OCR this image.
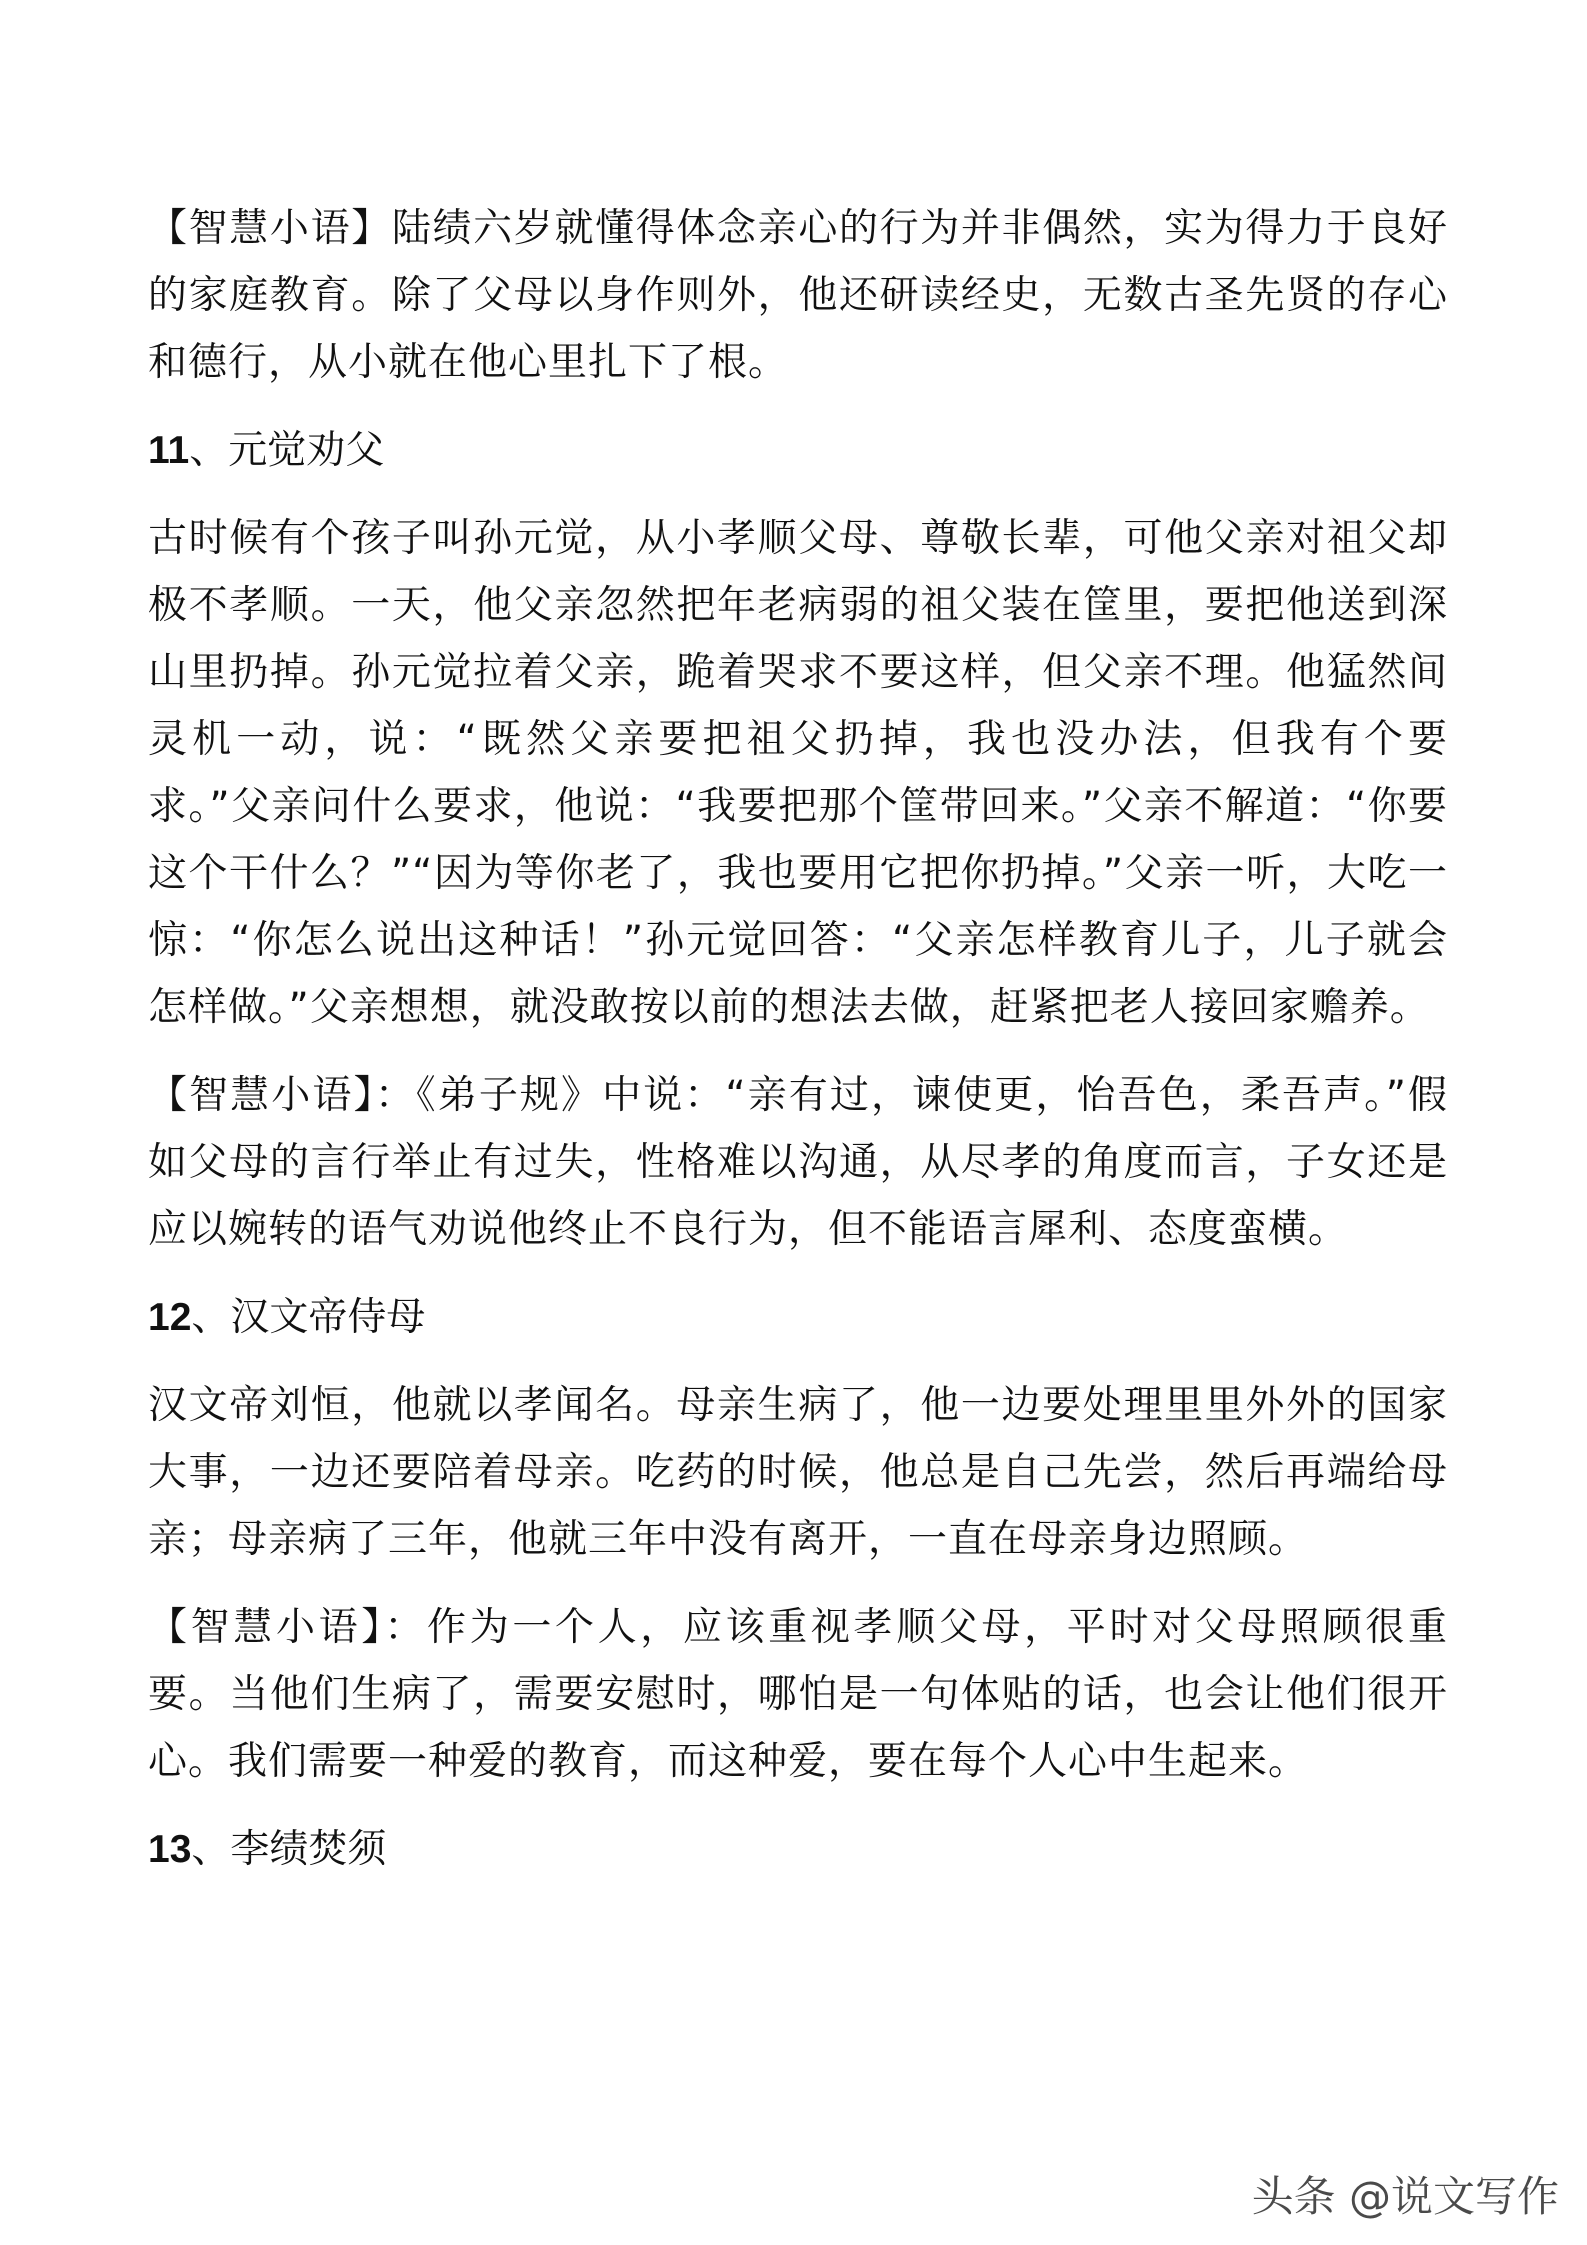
【智慧小语】陆绩六岁就懂得体念亲心的行为并非偶然，实为得力于良好的家庭教育。除了父母以身作则外，他还研读经史，无数古圣先贤的存心和德行，从小就在他心里扎下了根。

11、元觉劝父

古时候有个孩子叫孙元觉，从小孝顺父母、尊敬长辈，可他父亲对祖父却极不孝顺。一天，他父亲忽然把年老病弱的祖父装在筐里，要把他送到深山里扔掉。孙元觉拉着父亲，跪着哭求不要这样，但父亲不理。他猛然间灵机一动，说：“既然父亲要把祖父扔掉，我也没办法，但我有个要求。”父亲问什么要求，他说：“我要把那个筐带回来。”父亲不解道：“你要这个干什么？”“因为等你老了，我也要用它把你扔掉。”父亲一听，大吃一惊：“你怎么说出这种话！”孙元觉回答：“父亲怎样教育儿子，儿子就会怎样做。”父亲想想，就没敢按以前的想法去做，赶紧把老人接回家赡养。

【智慧小语】：《弟子规》中说：“亲有过，谏使更，怡吾色，柔吾声。”假如父母的言行举止有过失，性格难以沟通，从尽孝的角度而言，子女还是应以婉转的语气劝说他终止不良行为，但不能语言犀利、态度蛮横。

12、汉文帝侍母

汉文帝刘恒，他就以孝闻名。母亲生病了，他一边要处理里里外外的国家大事，一边还要陪着母亲。吃药的时候，他总是自己先尝，然后再端给母亲；母亲病了三年，他就三年中没有离开，一直在母亲身边照顾。

【智慧小语】：作为一个人，应该重视孝顺父母，平时对父母照顾很重要。当他们生病了，需要安慰时，哪怕是一句体贴的话，也会让他们很开心。我们需要一种爱的教育，而这种爱，要在每个人心中生起来。

13、李绩焚须
头条 @说文写作
